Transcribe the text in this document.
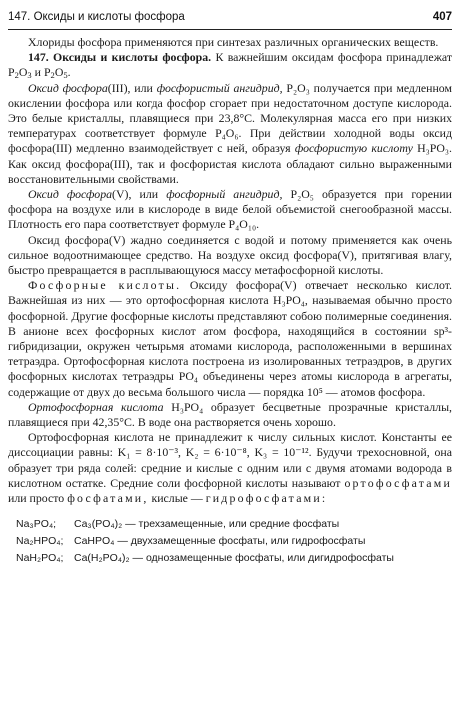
147. Оксиды и кислоты фосфора	407

Хлориды фосфора применяются при синтезах различных органических веществ.

147. Оксиды и кислоты фосфора. К важнейшим оксидам фосфора принадлежат $P_2O_3$ и $P_2O_5$.

Оксид фосфора(III), или фосфористый ангидрид, P₂O₃ получается при медленном окислении фосфора или когда фосфор сгорает при недостаточном доступе кислорода. Это белые кристаллы, плавящиеся при 23,8°С. Молекулярная масса его при низких температурах соответствует формуле P₄O₆. При действии холодной воды оксид фосфора(III) медленно взаимодействует с ней, образуя фосфористую кислоту H₃PO₃. Как оксид фосфора(III), так и фосфористая кислота обладают сильно выраженными восстановительными свойствами.

Оксид фосфора(V), или фосфорный ангидрид, P₂O₅ образуется при горении фосфора на воздухе или в кислороде в виде белой объемистой снегообразной массы. Плотность его пара соответствует формуле P₄O₁₀.

Оксид фосфора(V) жадно соединяется с водой и потому применяется как очень сильное водоотнимающее средство. На воздухе оксид фосфора(V), притягивая влагу, быстро превращается в расплывающуюся массу метафосфорной кислоты.

Фосфорные кислоты. Оксиду фосфора(V) отвечает несколько кислот. Важнейшая из них — это ортофосфорная кислота H₃PO₄, называемая обычно просто фосфорной. Другие фосфорные кислоты представляют собою полимерные соединения. В анионе всех фосфорных кислот атом фосфора, находящийся в состоянии sp³-гибридизации, окружен четырьмя атомами кислорода, расположенными в вершинах тетраэдра. Ортофосфорная кислота построена из изолированных тетраэдров, в других фосфорных кислотах тетраэдры PO₄ объединены через атомы кислорода в агрегаты, содержащие от двух до весьма большого числа — порядка 10⁵ — атомов фосфора.

Ортофосфорная кислота H₃PO₄ образует бесцветные прозрачные кристаллы, плавящиеся при 42,35°С. В воде она растворяется очень хорошо.

Ортофосфорная кислота не принадлежит к числу сильных кислот. Константы ее диссоциации равны: K₁ = 8·10⁻³, K₂ = 6·10⁻⁸, K₃ = 10⁻¹². Будучи трехосновной, она образует три ряда солей: средние и кислые с одним или с двумя атомами водорода в кислотном остатке. Средние соли фосфорной кислоты называют ортофосфатами или просто фосфатами, кислые — гидрофосфатами:

Na₃PO₄;	Ca₃(PO₄)₂ — трехзамещенные, или средние фосфаты
Na₂HPO₄;	CaHPO₄ — двухзамещенные фосфаты, или гидрофосфаты
NaH₂PO₄;	Ca(H₂PO₄)₂ — однозамещенные фосфаты, или дигидрофосфаты
